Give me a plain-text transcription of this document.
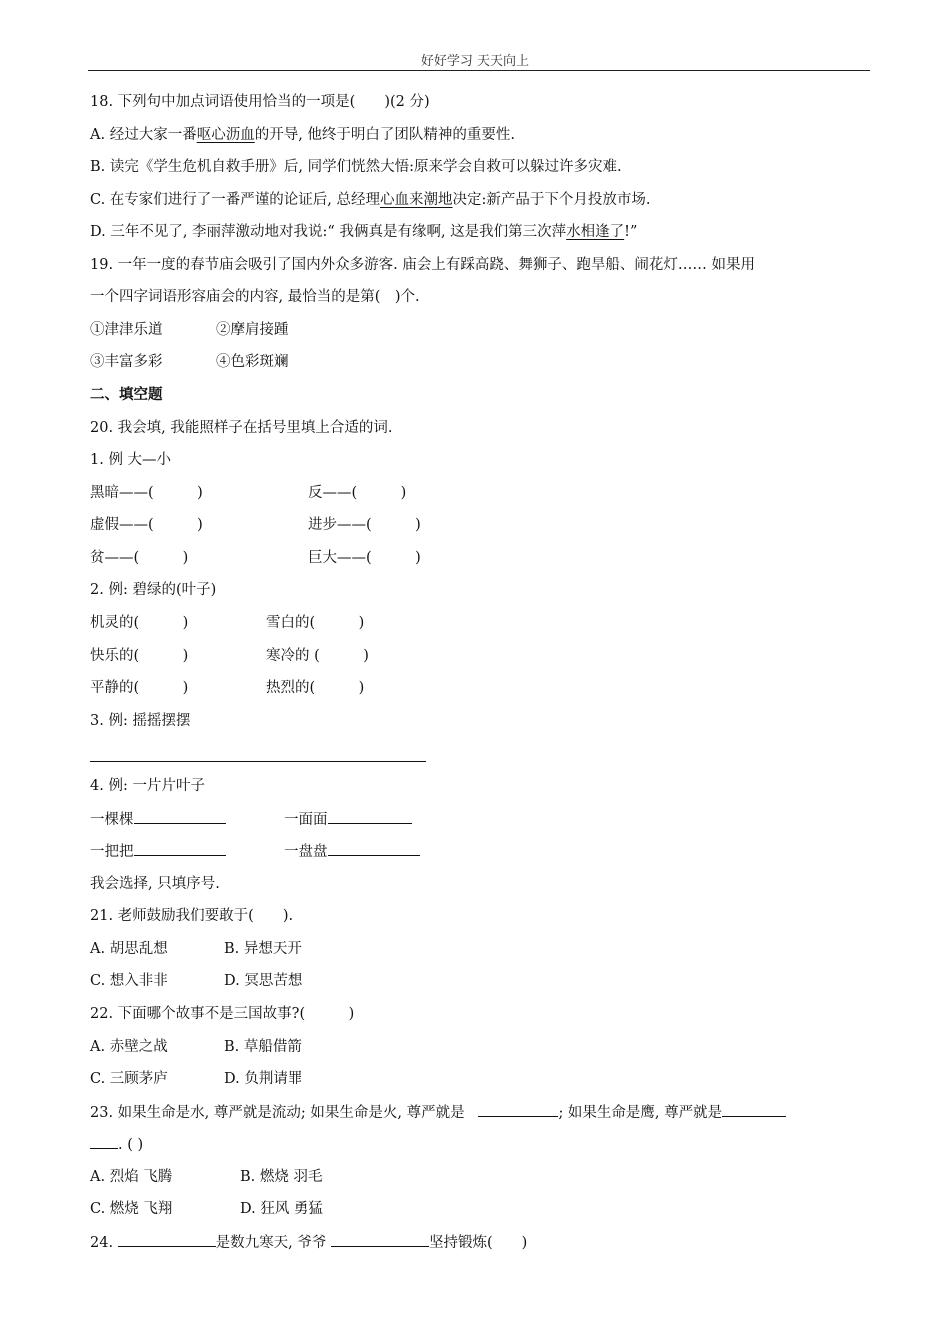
好好学习 天天向上
18. 下列句中加点词语使用恰当的一项是(　　)(2 分)
A. 经过大家一番呕心沥血的开导, 他终于明白了团队精神的重要性.
B. 读完《学生危机自救手册》后, 同学们恍然大悟:原来学会自救可以躲过许多灾难.
C. 在专家们进行了一番严谨的论证后, 总经理心血来潮地决定:新产品于下个月投放市场.
D. 三年不见了, 李丽萍激动地对我说:“ 我俩真是有缘啊, 这是我们第三次萍水相逢了!”
19. 一年一度的春节庙会吸引了国内外众多游客. 庙会上有踩高跷、舞狮子、跑旱船、闹花灯…… 如果用
一个四字词语形容庙会的内容, 最恰当的是第(　)个.
①津津乐道	②摩肩接踵
③丰富多彩	④色彩斑斓
二、填空题
20. 我会填, 我能照样子在括号里填上合适的词.
1. 例 大—小
黑暗——(　　　)	反——(　　　)
虚假——(　　　)	进步——(　　　)
贫——(　　　)	巨大——(　　　)
2. 例: 碧绿的(叶子)
机灵的(　　　)	雪白的(　　　)
快乐的(　　　)	寒冷的 (　　　)
平静的(　　　)	热烈的(　　　)
3. 例: 摇摇摆摆
4. 例: 一片片叶子
一棵棵	一面面
一把把	一盘盘
我会选择, 只填序号.
21. 老师鼓励我们要敢于(　　).
A. 胡思乱想	B. 异想天开
C. 想入非非	D. 冥思苦想
22. 下面哪个故事不是三国故事?(　　　)
A. 赤壁之战	B. 草船借箭
C. 三顾茅庐	D. 负荆请罪
23. 如果生命是水, 尊严就是流动; 如果生命是火, 尊严就是	; 如果生命是鹰, 尊严就是
. ( )
A. 烈焰 飞腾	B. 燃烧 羽毛
C. 燃烧 飞翔	D. 狂风 勇猛
24.	是数九寒天, 爷爷	坚持锻炼(　　)
